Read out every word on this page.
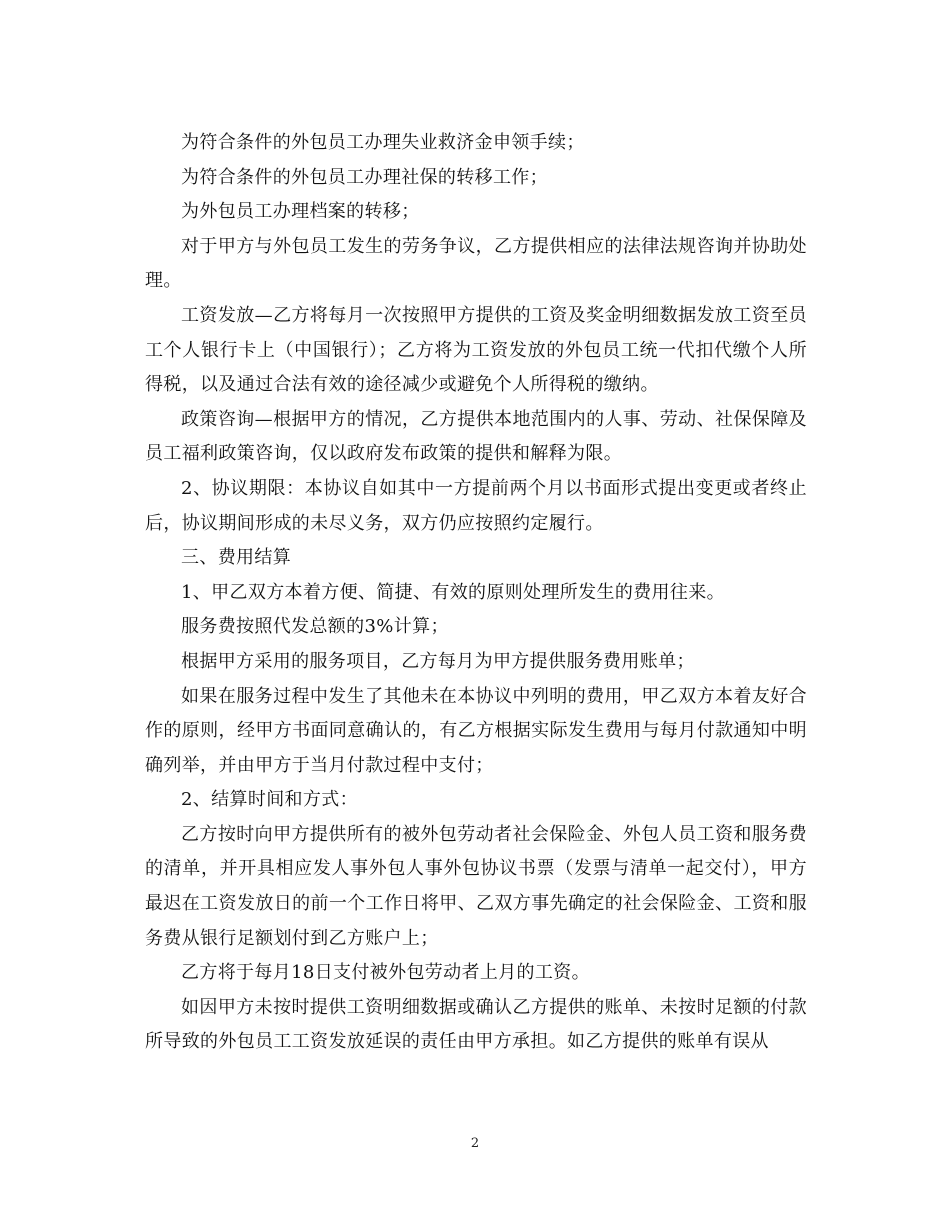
为符合条件的外包员工办理失业救济金申领手续；

为符合条件的外包员工办理社保的转移工作；

为外包员工办理档案的转移；

对于甲方与外包员工发生的劳务争议，乙方提供相应的法律法规咨询并协助处理。

工资发放—乙方将每月一次按照甲方提供的工资及奖金明细数据发放工资至员工个人银行卡上（中国银行）；乙方将为工资发放的外包员工统一代扣代缴个人所得税，以及通过合法有效的途径减少或避免个人所得税的缴纳。

政策咨询—根据甲方的情况，乙方提供本地范围内的人事、劳动、社保保障及员工福利政策咨询，仅以政府发布政策的提供和解释为限。

2、协议期限：本协议自如其中一方提前两个月以书面形式提出变更或者终止后，协议期间形成的未尽义务，双方仍应按照约定履行。

三、费用结算

1、甲乙双方本着方便、简捷、有效的原则处理所发生的费用往来。

服务费按照代发总额的3%计算；

根据甲方采用的服务项目，乙方每月为甲方提供服务费用账单；

如果在服务过程中发生了其他未在本协议中列明的费用，甲乙双方本着友好合作的原则，经甲方书面同意确认的，有乙方根据实际发生费用与每月付款通知中明确列举，并由甲方于当月付款过程中支付；

2、结算时间和方式：

乙方按时向甲方提供所有的被外包劳动者社会保险金、外包人员工资和服务费的清单，并开具相应发人事外包人事外包协议书票（发票与清单一起交付），甲方最迟在工资发放日的前一个工作日将甲、乙双方事先确定的社会保险金、工资和服务费从银行足额划付到乙方账户上；

乙方将于每月18日支付被外包劳动者上月的工资。

如因甲方未按时提供工资明细数据或确认乙方提供的账单、未按时足额的付款所导致的外包员工工资发放延误的责任由甲方承担。如乙方提供的账单有误从

2
